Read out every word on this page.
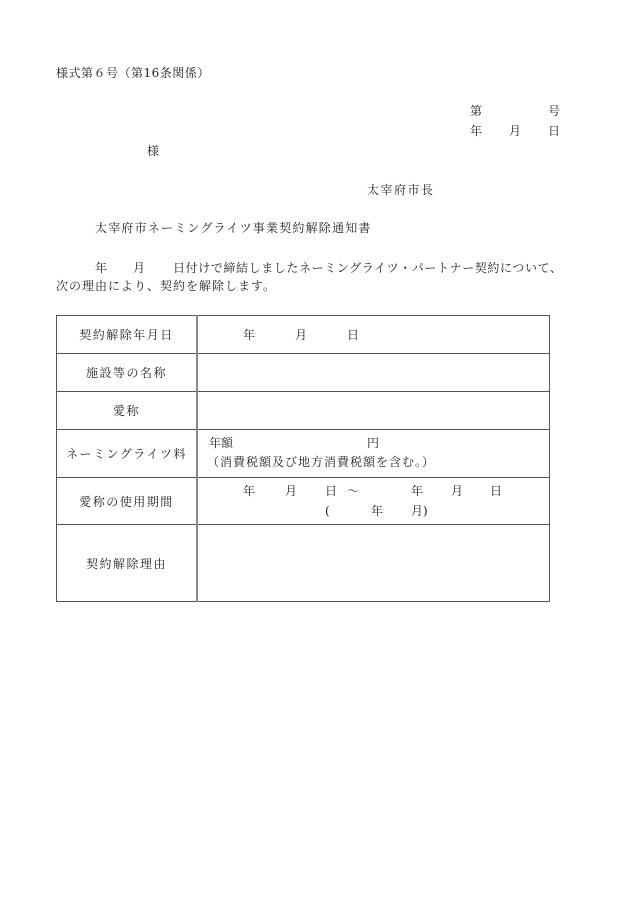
様式第６号（第16条関係）
第	号
年 月 日
様
太宰府市長
太宰府市ネーミングライツ事業契約解除通知書
年 月 日付けで締結しましたネーミングライツ・パートナー契約について、
次の理由により、契約を解除します。
契約解除年月日	年 月 日

施設等の名称	
愛称	
ネーミングライツ料	年額 円
（消費税額及び地方消費税額を含む。）

愛称の使用期間	
年 月 日 ～	年 月 日
(	年 月)

契約解除理由	
